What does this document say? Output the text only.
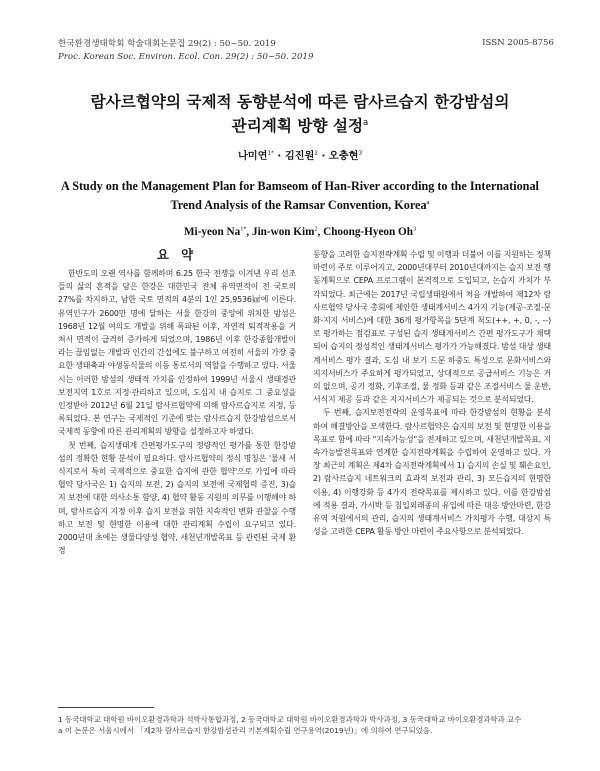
한국환경생태학회 학술대회논문집 29(2) : 50~50. 2019
Proc. Korean Soc. Environ. Ecol. Con. 29(2) : 50~50. 2019
ISSN 2005-8756
람사르협약의 국제적 동향분석에 따른 람사르습지 한강밤섬의
관리계획 방향 설정$^a$
나미연$^{1*}$ · 김진원$^2$ · 오충현$^3$
A Study on the Management Plan for Bamseom of Han-River according to the International
Trend Analysis of the Ramsar Convention, Korea$^a$
Mi-yeon $Na^{1*}$, Jin-won Kim$^2$, Choong-Hyeon Oh$^3$
요 약

한반도의 오랜 역사를 함께하며 6.25 한국 전쟁을 이겨낸 우리 선조들의 삶의 흔적을 담은 한강은 대한민국 전체 유역면적이 전 국토의 27%를 차지하고, 남한 국토 면적의 4분의 1인 25,9536㎢에 이른다. 유역인구가 2600만 명에 달하는 서울 한강의 중앙에 위치한 밤섬은 1968년 12월 여의도 개발을 위해 폭파된 이후, 자연적 퇴적작용을 거쳐서 면적이 급격히 증가하게 되었으며, 1986년 이후 한강종합개발이라는 끊임없는 개발과 인간의 간섭에도 불구하고 여전히 서울의 가장 중요한 생태축과 야생동식물의 이동 통로서의 역할을 수행하고 있다. 서울시는 이러한 밤섬의 생태적 가치를 인정하여 1999년 서울시 생태경관보전지역 1호로 지정·관리하고 있으며, 도심지 내 습지로 그 중요성을 인정받아 2012년 6월 21일 람사르협약에 의해 람사르습지로 지정, 등록되었다. 본 연구는 국제적인 기준에 맞는 람사르습지 한강밤섬으로서 국제적 동향에 따른 관리계획의 방향을 설정하고자 하였다.

첫 번째, 습지생태계 간편평가도구의 정량적인 평가를 통한 한강밤섬의 정확한 현황 분석이 필요하다. 람사르협약의 정식 명칭은 '물새 서식지로서 특히 국제적으로 중요한 습지에 관한 협약'으로 가입에 따라 협약 당사국은 1) 습지의 보전, 2) 습지의 보전에 국제협력 증진, 3)습지 보전에 대한 의사소통 함양, 4) 협약 활동 지원의 의무를 이행해야 하며, 람사르습지 지정 이후 습지 보전을 위한 지속적인 변화 관찰을 수행하고 보전 및 현명한 이용에 대한 관리계획 수립이 요구되고 있다. 2000년대 초에는 생물다양성 협약, 새천년개발목표 등 관련된 국제 환경

동향을 고려한 습지전략계획 수립 및 이행과 더불어 이를 지원하는 정책 마련이 주로 이루어지고, 2000년대부터 2010년대까지는 습지 보전 행동계획으로 CEPA 프로그램이 본격적으로 도입되고, 논습지 가치가 부각되었다. 최근에는 2017년 국립생태원에서 처음 개발하여 제12차 람사르협약 당사국 총회에 제안한 생태계서비스 4가지 기능(제공-조절-문화-지지 서비스)에 대한 36개 평가항목을 5단계 척도(++, +, 0, -, --)로 평가하는 점검표로 구성된 습지 생태계서비스 간편 평가도구가 채택되어 습지의 정성적인 생태계서비스 평가가 가능해졌다. 밤섬 대상 생태계서비스 평가 결과, 도심 내 보기 드문 하중도 특성으로 문화서비스와 지지서비스가 주요하게 평가되었고, 상대적으로 공급서비스 기능은 거의 없으며, 공기 정화, 기후조절, 물 정화 등과 같은 조절서비스 물 운반, 서식지 제공 등과 같은 지지서비스가 제공되는 것으로 분석되었다.

두 번째, 습지보전전략의 운영목표에 따라 한강밤섬의 현황을 분석하여 해결방안을 모색한다. 람사르협약은 습지의 보전 및 현명한 이용을 목표로 함에 따라 "지속가능성"을 전제하고 있으며, 새천년개발목표, 지속가능발전목표와 연계한 습지전략계획을 수립하여 운영하고 있다. 가장 최근의 계획은 제4차 습지전략계획에서 1) 습지의 손실 및 훼손요인, 2) 람사르습지 네트워크의 효과적 보전과 관리, 3) 모든습지의 현명한 이용, 4) 이행강화 등 4가지 전략목표를 제시하고 있다. 이를 한강밤섬에 적용 결과, 가시박 등 침입외래종의 유입에 따른 대응 방안마련, 한강유역 차원에서의 관리, 습지의 생태계서비스 가치평가 수행, 대상지 특성을 고려한 CEPA 활동 방안 마련이 주요사항으로 분석되었다.

1 동국대학교 대학원 바이오환경과학과 석박사통합과정, 2 동국대학교 대학원 바이오환경과학과 박사과정, 3 동국대학교 바이오환경과학과 교수
a 이 논문은 서울시에서 「제2차 람사르습지 한강밤섬관리 기본계획수립 연구용역(2019년)」에 의하여 연구되었음.
